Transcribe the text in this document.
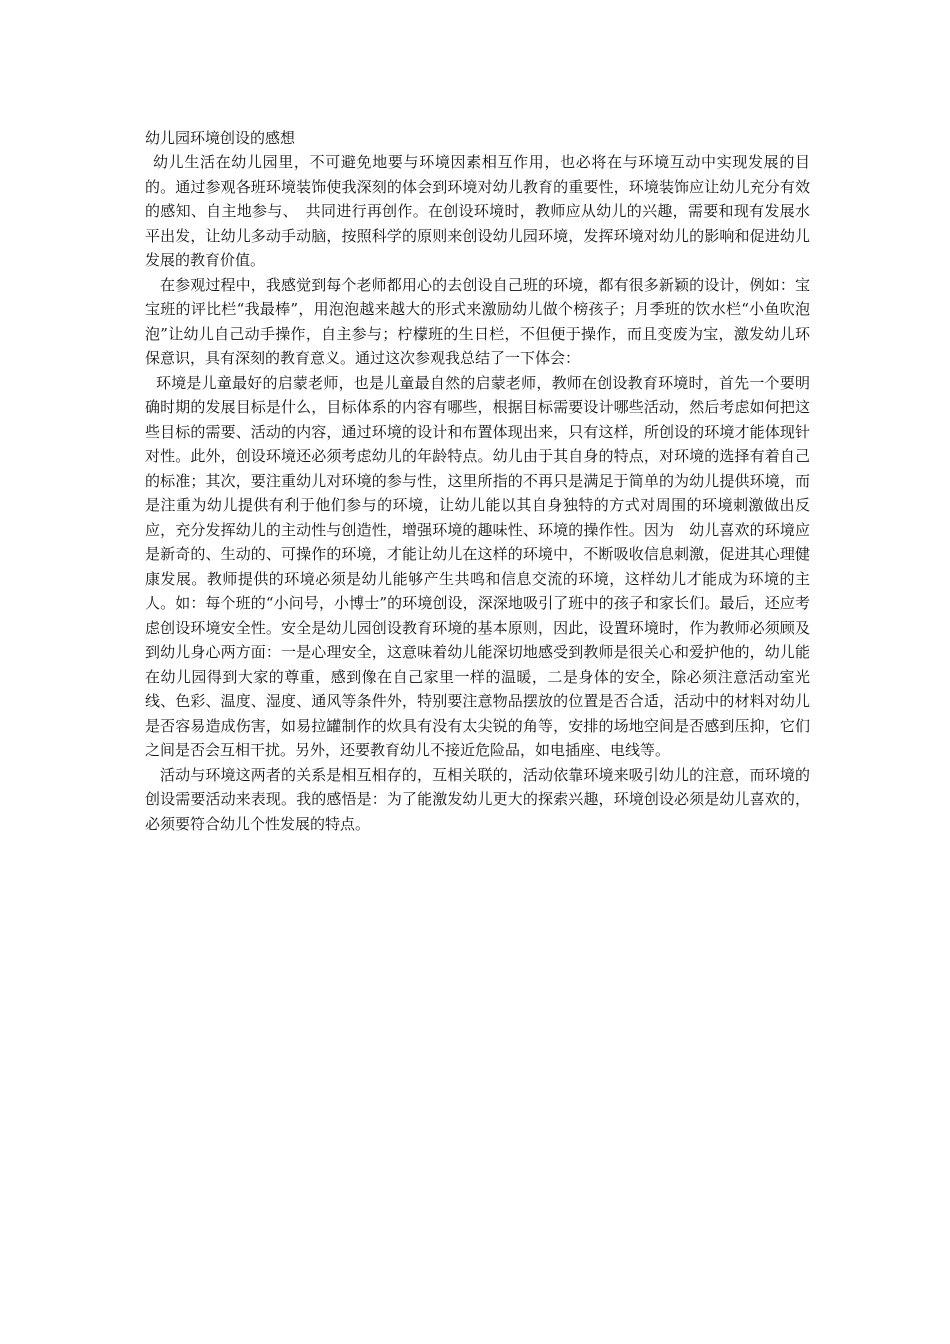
幼儿园环境创设的感想

幼儿生活在幼儿园里，不可避免地要与环境因素相互作用，也必将在与环境互动中实现发展的目的。通过参观各班环境装饰使我深刻的体会到环境对幼儿教育的重要性，环境装饰应让幼儿充分有效的感知、自主地参与、　共同进行再创作。在创设环境时，教师应从幼儿的兴趣，需要和现有发展水平出发，让幼儿多动手动脑，按照科学的原则来创设幼儿园环境，发挥环境对幼儿的影响和促进幼儿发展的教育价值。

在参观过程中，我感觉到每个老师都用心的去创设自己班的环境，都有很多新颖的设计，例如：宝宝班的评比栏“我最棒”，用泡泡越来越大的形式来激励幼儿做个榜孩子；月季班的饮水栏“小鱼吹泡泡”让幼儿自己动手操作，自主参与；柠檬班的生日栏，不但便于操作，而且变废为宝，激发幼儿环保意识，具有深刻的教育意义。通过这次参观我总结了一下体会：

环境是儿童最好的启蒙老师，也是儿童最自然的启蒙老师，教师在创设教育环境时，首先一个要明确时期的发展目标是什么，目标体系的内容有哪些，根据目标需要设计哪些活动，然后考虑如何把这些目标的需要、活动的内容，通过环境的设计和布置体现出来，只有这样，所创设的环境才能体现针对性。此外，创设环境还必须考虑幼儿的年龄特点。幼儿由于其自身的特点，对环境的选择有着自己的标准；其次，要注重幼儿对环境的参与性，这里所指的不再只是满足于简单的为幼儿提供环境，而是注重为幼儿提供有利于他们参与的环境，让幼儿能以其自身独特的方式对周围的环境刺激做出反应，充分发挥幼儿的主动性与创造性，增强环境的趣味性、环境的操作性。因为　幼儿喜欢的环境应是新奇的、生动的、可操作的环境，才能让幼儿在这样的环境中，不断吸收信息刺激，促进其心理健康发展。教师提供的环境必须是幼儿能够产生共鸣和信息交流的环境，这样幼儿才能成为环境的主人。如：每个班的“小问号，小博士”的环境创设，深深地吸引了班中的孩子和家长们。最后，还应考虑创设环境安全性。安全是幼儿园创设教育环境的基本原则，因此，设置环境时，作为教师必须顾及到幼儿身心两方面：一是心理安全，这意味着幼儿能深切地感受到教师是很关心和爱护他的，幼儿能在幼儿园得到大家的尊重，感到像在自己家里一样的温暖，二是身体的安全，除必须注意活动室光线、色彩、温度、湿度、通风等条件外，特别要注意物品摆放的位置是否合适，活动中的材料对幼儿是否容易造成伤害，如易拉罐制作的炊具有没有太尖锐的角等，安排的场地空间是否感到压抑，它们之间是否会互相干扰。另外，还要教育幼儿不接近危险品，如电插座、电线等。

活动与环境这两者的关系是相互相存的，互相关联的，活动依靠环境来吸引幼儿的注意，而环境的创设需要活动来表现。我的感悟是：为了能激发幼儿更大的探索兴趣，环境创设必须是幼儿喜欢的，必须要符合幼儿个性发展的特点。
